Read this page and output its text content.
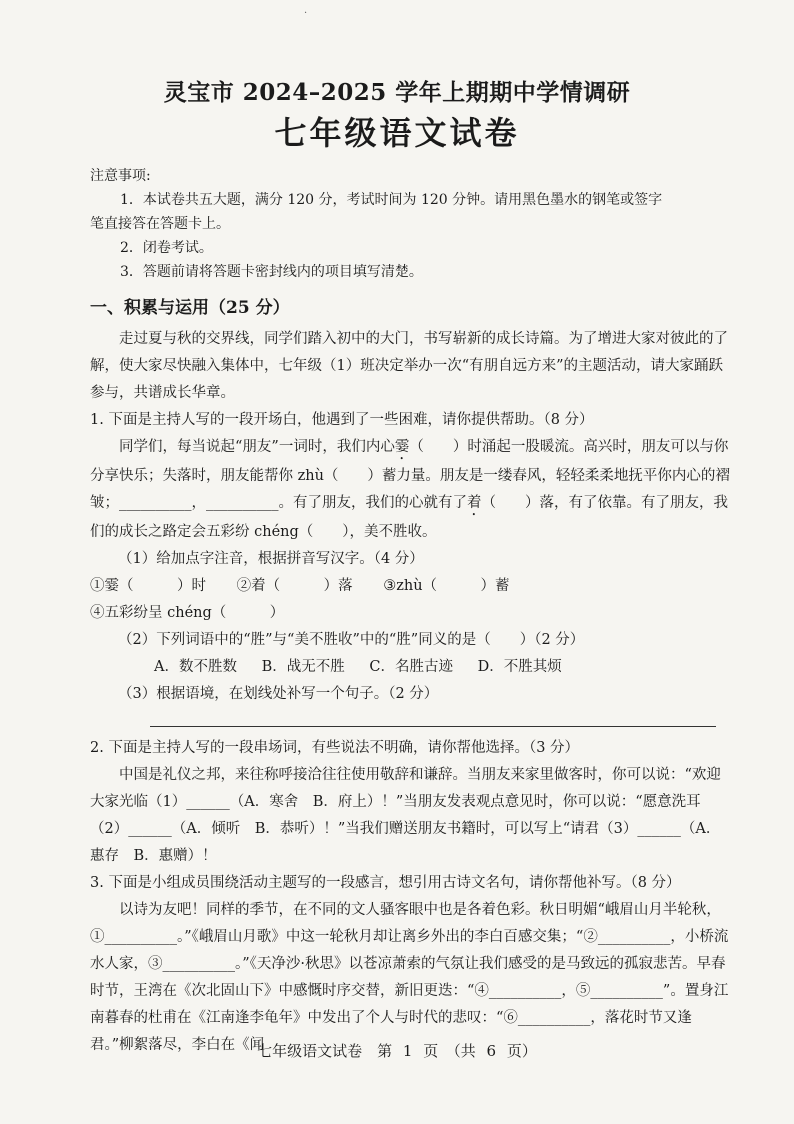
·
灵宝市 2024–2025 学年上期期中学情调研
七年级语文试卷
注意事项:
1．本试卷共五大题，满分 120 分，考试时间为 120 分钟。请用黑色墨水的钢笔或签字
笔直接答在答题卡上。
2．闭卷考试。
3．答题前请将答题卡密封线内的项目填写清楚。
一、积累与运用（25 分）

走过夏与秋的交界线，同学们踏入初中的大门，书写崭新的成长诗篇。为了增进大家对彼此的了解，使大家尽快融入集体中，七年级（1）班决定举办一次“有朋自远方来”的主题活动，请大家踊跃参与，共谱成长华章。

1. 下面是主持人写的一段开场白，他遇到了一些困难，请你提供帮助。（8 分）

同学们，每当说起“朋友”一词时，我们内心霎（　　）时涌起一股暖流。高兴时，朋友可以与你分享快乐；失落时，朋友能帮你 zhù（　　）蓄力量。朋友是一缕春风，轻轻柔柔地抚平你内心的褶皱；__________，__________。有了朋友，我们的心就有了着（　　）落，有了依靠。有了朋友，我们的成长之路定会五彩纷 chéng（　　），美不胜收。

（1）给加点字注音，根据拼音写汉字。（4 分）

①霎（　　　）时 ②着（　　　）落 ③zhù（　　　）蓄 ④五彩纷呈 chéng（　　　）

（2）下列词语中的“胜”与“美不胜收”中的“胜”同义的是（　　）（2 分）

A．数不胜数 B．战无不胜 C．名胜古迹 D．不胜其烦

（3）根据语境，在划线处补写一个句子。（2 分）

2. 下面是主持人写的一段串场词，有些说法不明确，请你帮他选择。（3 分）

中国是礼仪之邦，来往称呼接洽往往使用敬辞和谦辞。当朋友来家里做客时，你可以说：“欢迎大家光临（1）______（A．寒舍　B．府上）！”当朋友发表观点意见时，你可以说：“愿意洗耳（2）______（A．倾听　B．恭听）！”当我们赠送朋友书籍时，可以写上“请君（3）______（A．惠存　B．惠赠）！

3. 下面是小组成员围绕活动主题写的一段感言，想引用古诗文名句，请你帮他补写。（8 分）

以诗为友吧！同样的季节，在不同的文人骚客眼中也是各着色彩。秋日明媚“峨眉山月半轮秋，①__________。”《峨眉山月歌》中这一轮秋月却让离乡外出的李白百感交集；“②__________，小桥流水人家，③__________。”《天净沙·秋思》以苍凉萧索的气氛让我们感受的是马致远的孤寂悲苦。早春时节，王湾在《次北固山下》中感慨时序交替，新旧更迭：“④__________，⑤__________”。置身江南暮春的杜甫在《江南逢李龟年》中发出了个人与时代的悲叹：“⑥__________，落花时节又逢君。”柳絮落尽，李白在《闻

七年级语文试卷　第 1 页　（共 6 页）
